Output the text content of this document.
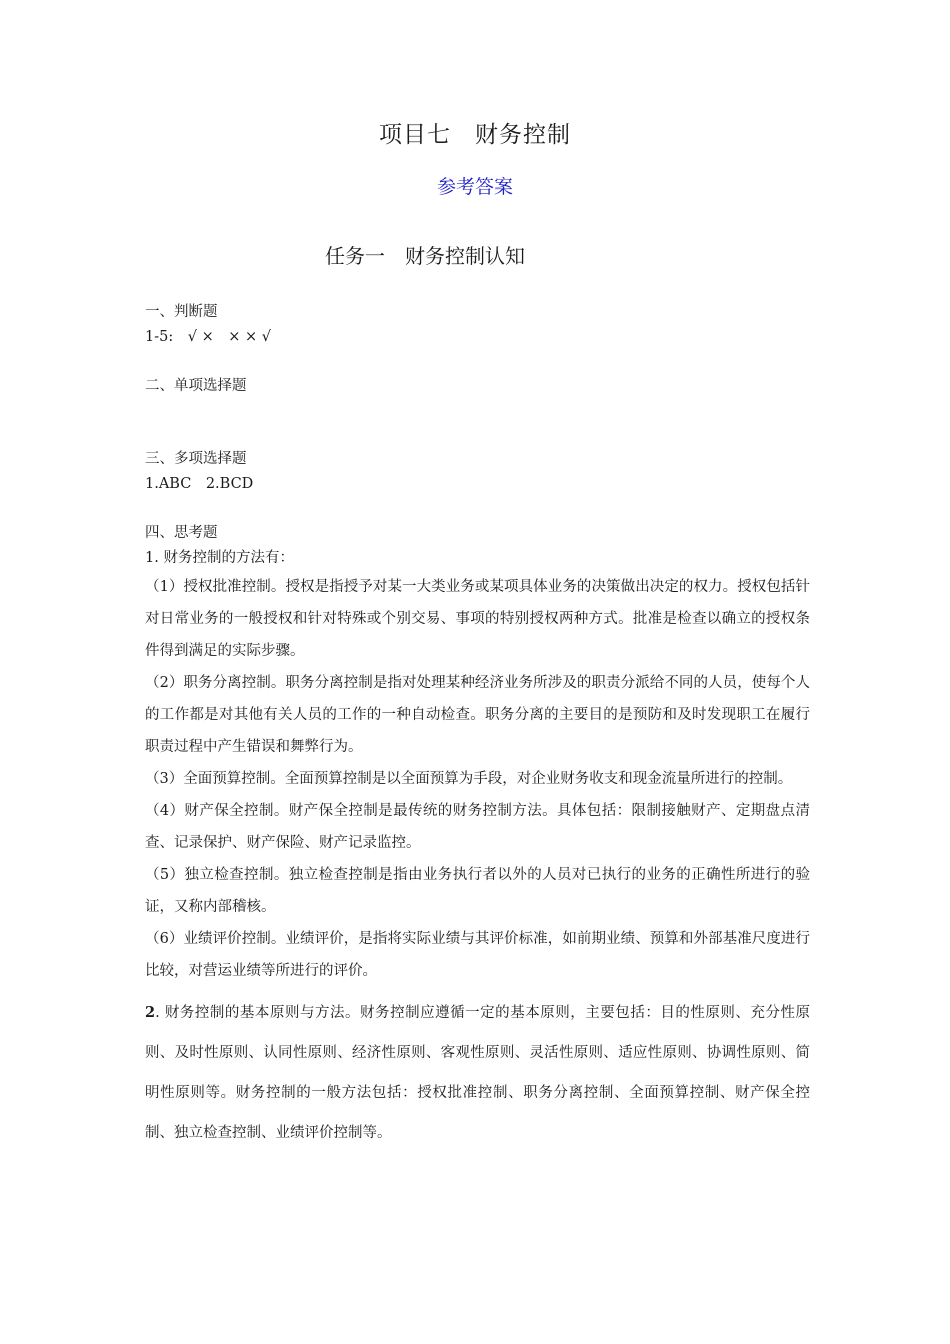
项目七　财务控制
参考答案
任务一　财务控制认知
一、判断题
1-5:　√ ×　× × √
二、单项选择题
三、多项选择题
1.ABC　2.BCD
四、思考题
1. 财务控制的方法有：
（1）授权批准控制。授权是指授予对某一大类业务或某项具体业务的决策做出决定的权力。授权包括针对日常业务的一般授权和针对特殊或个别交易、事项的特别授权两种方式。批准是检查以确立的授权条件得到满足的实际步骤。
（2）职务分离控制。职务分离控制是指对处理某种经济业务所涉及的职责分派给不同的人员，使每个人的工作都是对其他有关人员的工作的一种自动检查。职务分离的主要目的是预防和及时发现职工在履行职责过程中产生错误和舞弊行为。
（3）全面预算控制。全面预算控制是以全面预算为手段，对企业财务收支和现金流量所进行的控制。
（4）财产保全控制。财产保全控制是最传统的财务控制方法。具体包括：限制接触财产、定期盘点清查、记录保护、财产保险、财产记录监控。
（5）独立检查控制。独立检查控制是指由业务执行者以外的人员对已执行的业务的正确性所进行的验证，又称内部稽核。
（6）业绩评价控制。业绩评价，是指将实际业绩与其评价标准，如前期业绩、预算和外部基准尺度进行比较，对营运业绩等所进行的评价。
2. 财务控制的基本原则与方法。财务控制应遵循一定的基本原则，主要包括：目的性原则、充分性原则、及时性原则、认同性原则、经济性原则、客观性原则、灵活性原则、适应性原则、协调性原则、简明性原则等。财务控制的一般方法包括：授权批准控制、职务分离控制、全面预算控制、财产保全控制、独立检查控制、业绩评价控制等。
